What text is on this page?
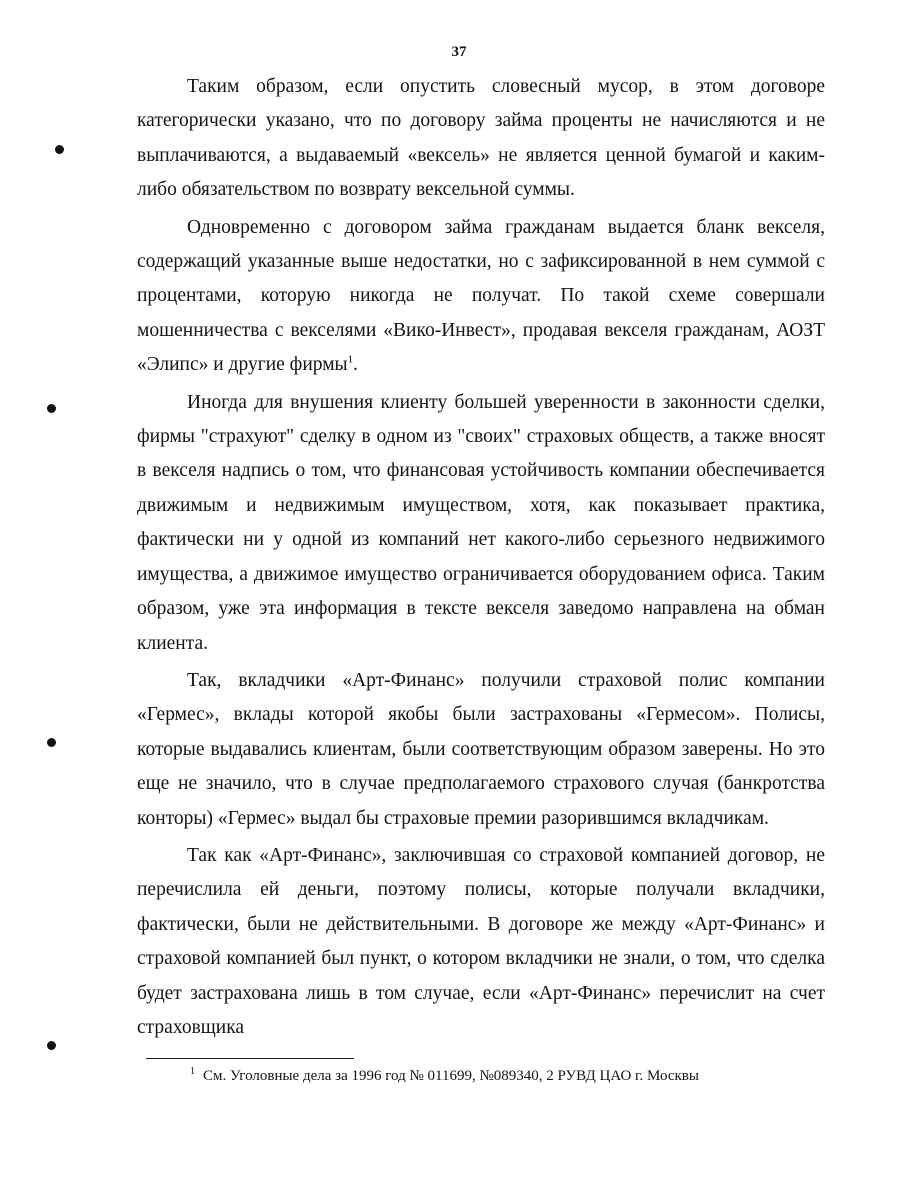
37

Таким образом, если опустить словесный мусор, в этом договоре категорически указано, что по договору займа проценты не начисляются и не выплачиваются, а выдаваемый «вексель» не является ценной бумагой и каким-либо обязательством по возврату вексельной суммы.

Одновременно с договором займа гражданам выдается бланк векселя, содержащий указанные выше недостатки, но с зафиксированной в нем суммой с процентами, которую никогда не получат. По такой схеме совершали мошенничества с векселями «Вико-Инвест», продавая векселя гражданам, АОЗТ «Элипс» и другие фирмы$^1$.

Иногда для внушения клиенту большей уверенности в законности сделки, фирмы "страхуют" сделку в одном из "своих" страховых обществ, а также вносят в векселя надпись о том, что финансовая устойчивость компании обеспечивается движимым и недвижимым имуществом, хотя, как показывает практика, фактически ни у одной из компаний нет какого-либо серьезного недвижимого имущества, а движимое имущество ограничивается оборудованием офиса. Таким образом, уже эта информация в тексте векселя заведомо направлена на обман клиента.

Так, вкладчики «Арт-Финанс» получили страховой полис компании «Гермес», вклады которой якобы были застрахованы «Гермесом». Полисы, которые выдавались клиентам, были соответствующим образом заверены. Но это еще не значило, что в случае предполагаемого страхового случая (банкротства конторы) «Гермес» выдал бы страховые премии разорившимся вкладчикам.

Так как «Арт-Финанс», заключившая со страховой компанией договор, не перечислила ей деньги, поэтому полисы, которые получали вкладчики, фактически, были не действительными. В договоре же между «Арт-Финанс» и страховой компанией был пункт, о котором вкладчики не знали, о том, что сделка будет застрахована лишь в том случае, если «Арт-Финанс» перечислит на счет страховщика

$^1$ См. Уголовные дела за 1996 год № 011699, №089340, 2 РУВД ЦАО г. Москвы
